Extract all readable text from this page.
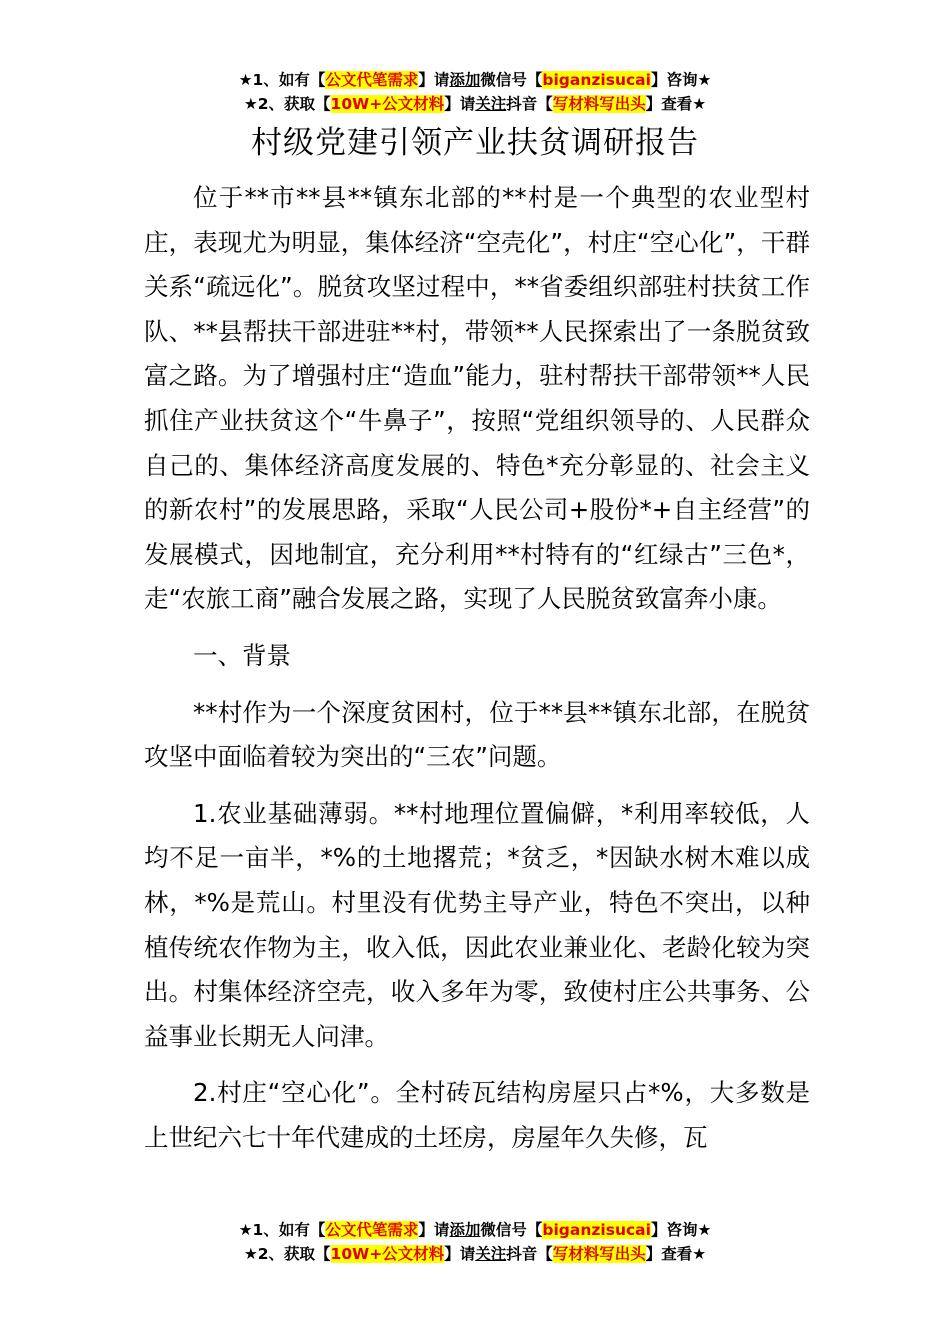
★1、如有【公文代笔需求】请添加微信号【biganzisucai】咨询★
★2、获取【10W+公文材料】请关注抖音【写材料写出头】查看★
村级党建引领产业扶贫调研报告

位于**市**县**镇东北部的**村是一个典型的农业型村庄，表现尤为明显，集体经济“空壳化”，村庄“空心化”，干群关系“疏远化”。脱贫攻坚过程中，**省委组织部驻村扶贫工作队、**县帮扶干部进驻**村，带领**人民探索出了一条脱贫致富之路。为了增强村庄“造血”能力，驻村帮扶干部带领**人民抓住产业扶贫这个“牛鼻子”，按照“党组织领导的、人民群众自己的、集体经济高度发展的、特色*充分彰显的、社会主义的新农村”的发展思路，采取“人民公司+股份*+自主经营”的发展模式，因地制宜，充分利用**村特有的“红绿古”三色*，走“农旅工商”融合发展之路，实现了人民脱贫致富奔小康。

一、背景

**村作为一个深度贫困村，位于**县**镇东北部，在脱贫攻坚中面临着较为突出的“三农”问题。

1.农业基础薄弱。**村地理位置偏僻，*利用率较低，人均不足一亩半，*%的土地撂荒；*贫乏，*因缺水树木难以成林，*%是荒山。村里没有优势主导产业，特色不突出，以种植传统农作物为主，收入低，因此农业兼业化、老龄化较为突出。村集体经济空壳，收入多年为零，致使村庄公共事务、公益事业长期无人问津。

2.村庄“空心化”。全村砖瓦结构房屋只占*%，大多数是上世纪六七十年代建成的土坯房，房屋年久失修，瓦

★1、如有【公文代笔需求】请添加微信号【biganzisucai】咨询★
★2、获取【10W+公文材料】请关注抖音【写材料写出头】查看★
